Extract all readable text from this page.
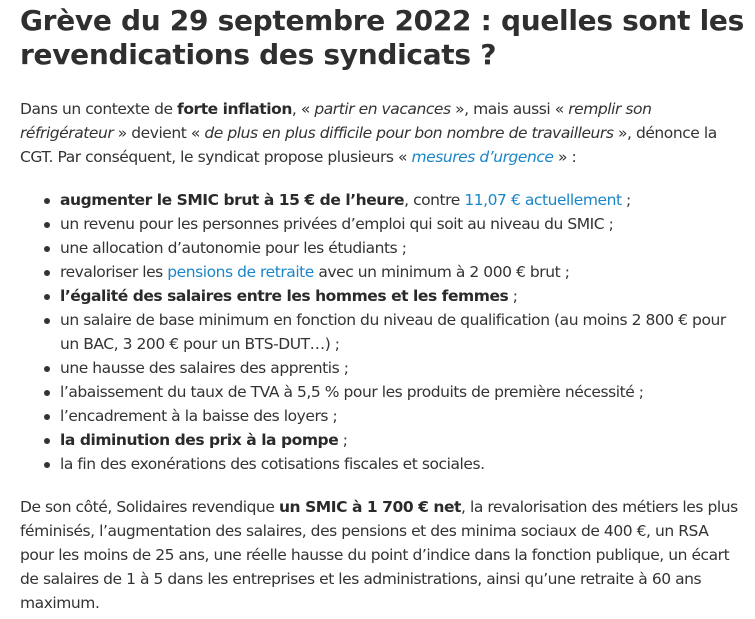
Grève du 29 septembre 2022 : quelles sont les revendications des syndicats ?

Dans un contexte de forte inflation, « partir en vacances », mais aussi « remplir son réfrigérateur » devient « de plus en plus difficile pour bon nombre de travailleurs », dénonce la CGT. Par conséquent, le syndicat propose plusieurs « mesures d’urgence » :

augmenter le SMIC brut à 15 € de l’heure, contre 11,07 € actuellement ;
un revenu pour les personnes privées d’emploi qui soit au niveau du SMIC ;
une allocation d’autonomie pour les étudiants ;
revaloriser les pensions de retraite avec un minimum à 2 000 € brut ;
l’égalité des salaires entre les hommes et les femmes ;
un salaire de base minimum en fonction du niveau de qualification (au moins 2 800 € pour un BAC, 3 200 € pour un BTS-DUT…) ;
une hausse des salaires des apprentis ;
l’abaissement du taux de TVA à 5,5 % pour les produits de première nécessité ;
l’encadrement à la baisse des loyers ;
la diminution des prix à la pompe ;
la fin des exonérations des cotisations fiscales et sociales.

De son côté, Solidaires revendique un SMIC à 1 700 € net, la revalorisation des métiers les plus féminisés, l’augmentation des salaires, des pensions et des minima sociaux de 400 €, un RSA pour les moins de 25 ans, une réelle hausse du point d’indice dans la fonction publique, un écart de salaires de 1 à 5 dans les entreprises et les administrations, ainsi qu’une retraite à 60 ans maximum.
